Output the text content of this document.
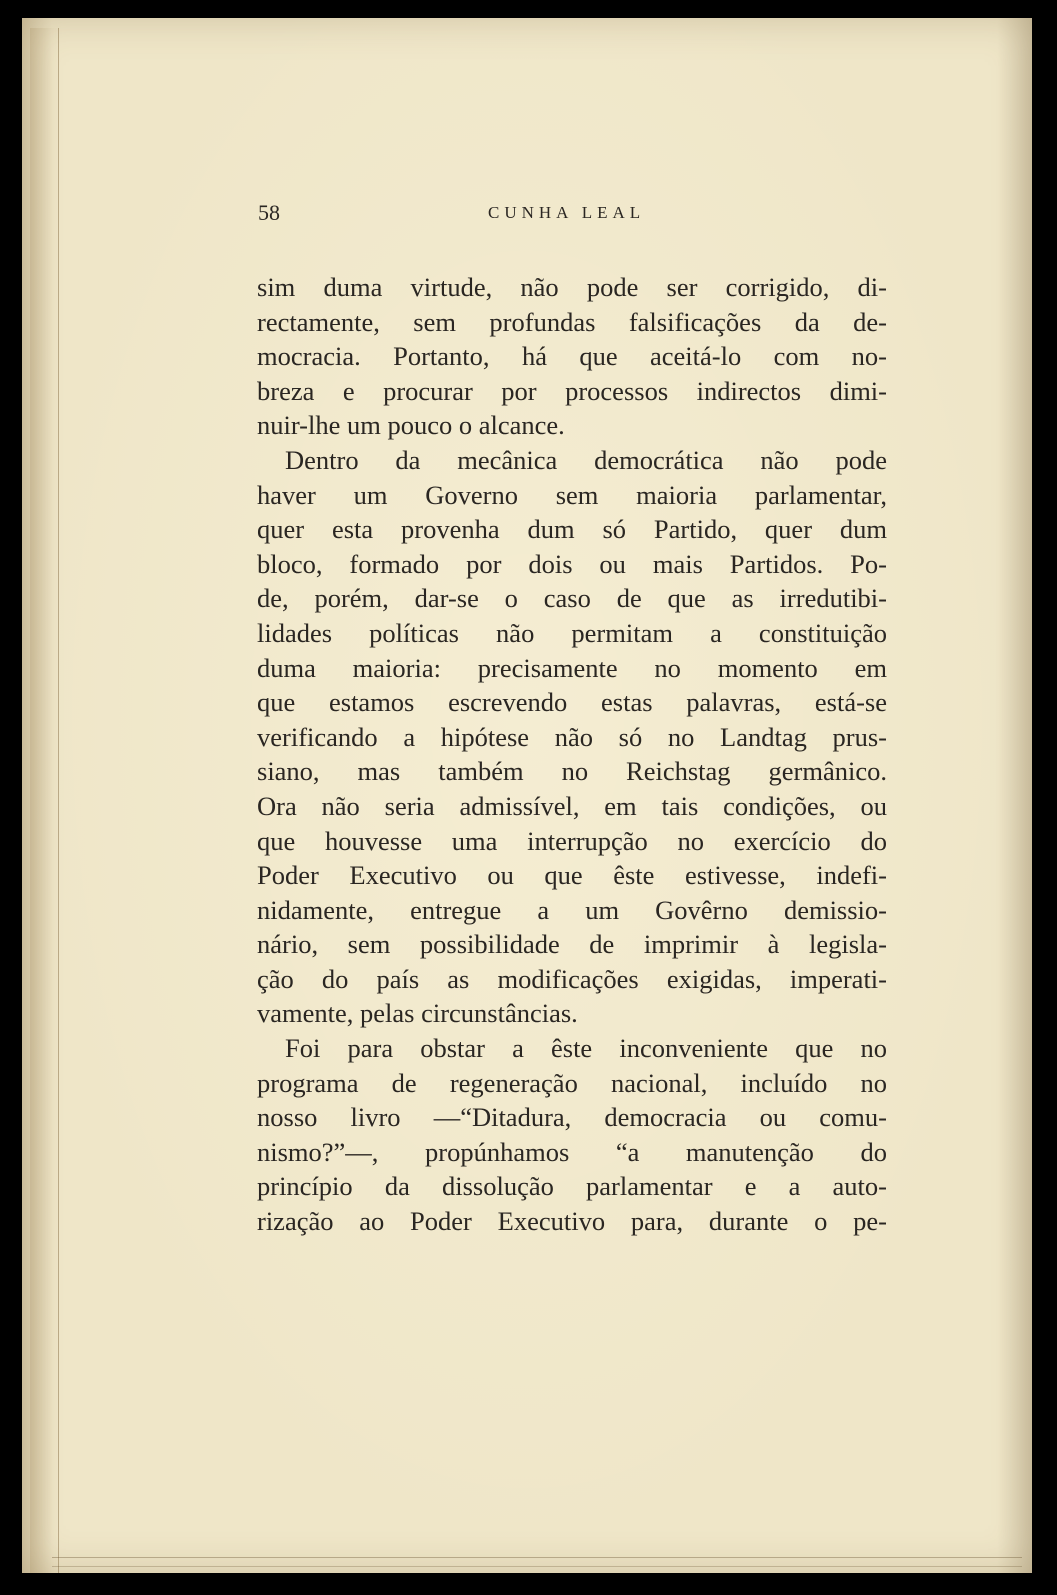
58	CUNHA LEAL
sim duma virtude, não pode ser corrigido, di-
rectamente, sem profundas falsificações da de-
mocracia. Portanto, há que aceitá-lo com no-
breza e procurar por processos indirectos dimi-
nuir-lhe um pouco o alcance.
Dentro da mecânica democrática não pode
haver um Governo sem maioria parlamentar,
quer esta provenha dum só Partido, quer dum
bloco, formado por dois ou mais Partidos. Po-
de, porém, dar-se o caso de que as irredutibi-
lidades políticas não permitam a constituição
duma maioria: precisamente no momento em
que estamos escrevendo estas palavras, está-se
verificando a hipótese não só no Landtag prus-
siano, mas também no Reichstag germânico.
Ora não seria admissível, em tais condições, ou
que houvesse uma interrupção no exercício do
Poder Executivo ou que êste estivesse, indefi-
nidamente, entregue a um Govêrno demissio-
nário, sem possibilidade de imprimir à legisla-
ção do país as modificações exigidas, imperati-
vamente, pelas circunstâncias.
Foi para obstar a êste inconveniente que no
programa de regeneração nacional, incluído no
nosso livro —“Ditadura, democracia ou comu-
nismo?”—, propúnhamos “a manutenção do
princípio da dissolução parlamentar e a auto-
rização ao Poder Executivo para, durante o pe-
